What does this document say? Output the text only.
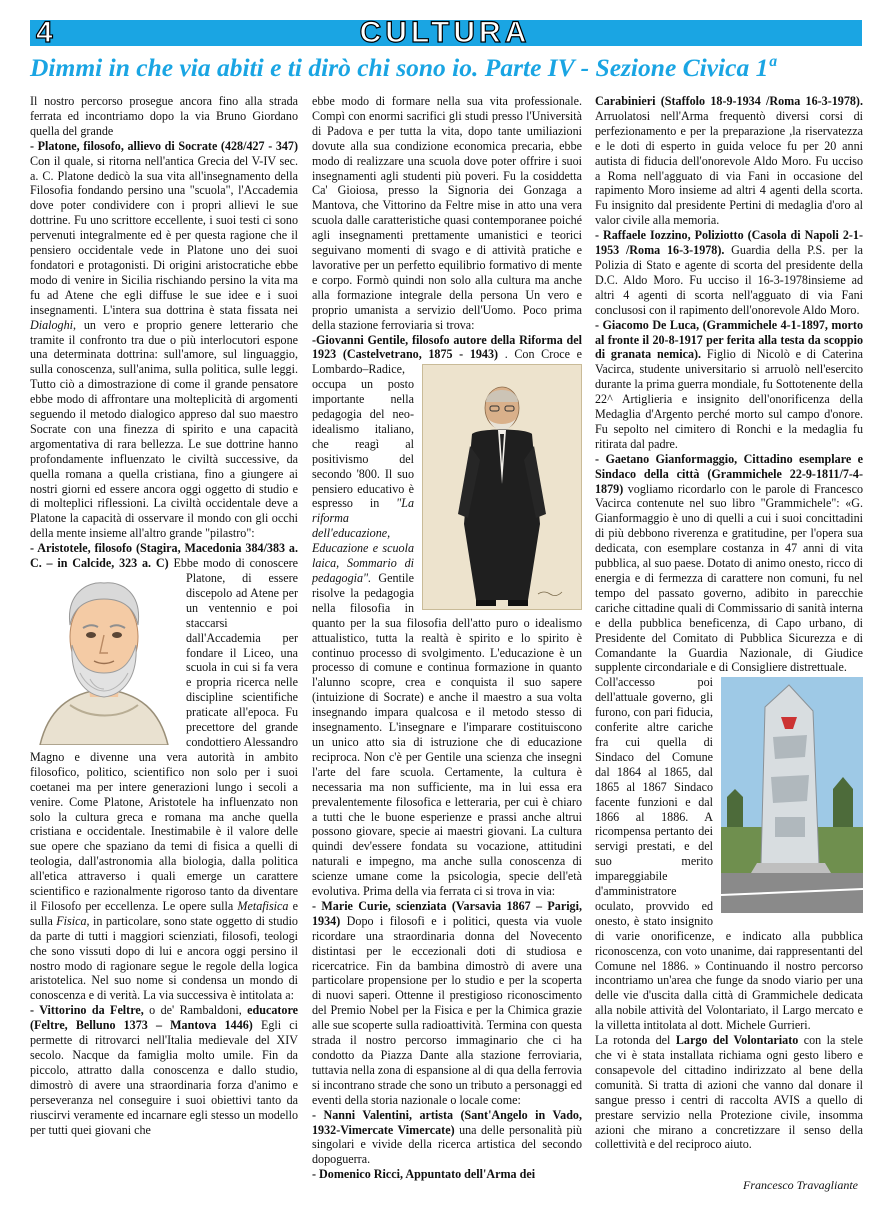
4	CULTURA
Dimmi in che via abiti e ti dirò chi sono io. Parte IV - Sezione Civica 1ª

Il nostro percorso prosegue ancora fino alla strada ferrata ed incontriamo dopo la via Bruno Giordano quella del grande

- Platone, filosofo, allievo di Socrate (428/427 - 347) Con il quale, si ritorna nell'antica Grecia del V-IV sec. a. C. Platone dedicò la sua vita all'insegnamento della Filosofia fondando persino una "scuola", l'Accademia dove poter condividere con i propri allievi le sue dottrine. Fu uno scrittore eccellente, i suoi testi ci sono pervenuti integralmente ed è per questa ragione che il pensiero occidentale vede in Platone uno dei suoi fondatori e protagonisti. Di origini aristocratiche ebbe modo di venire in Sicilia rischiando persino la vita ma fu ad Atene che egli diffuse le sue idee e i suoi insegnamenti. L'intera sua dottrina è stata fissata nei Dialoghi, un vero e proprio genere letterario che tramite il confronto tra due o più interlocutori espone una determinata dottrina: sull'amore, sul linguaggio, sulla conoscenza, sull'anima, sulla politica, sulle leggi. Tutto ciò a dimostrazione di come il grande pensatore ebbe modo di affrontare una molteplicità di argomenti seguendo il metodo dialogico appreso dal suo maestro Socrate con una finezza di spirito e una capacità argomentativa di rara bellezza. Le sue dottrine hanno profondamente influenzato le civiltà successive, da quella romana a quella cristiana, fino a giungere ai nostri giorni ed essere ancora oggi oggetto di studio e di molteplici riflessioni. La civiltà occidentale deve a Platone la capacità di osservare il mondo con gli occhi della mente insieme all'altro grande "pilastro":

- Aristotele, filosofo (Stagira, Macedonia 384/383 a. C. – in Calcide, 323 a. C)
Ebbe modo di conoscere Platone, di essere discepolo ad Atene per un ventennio e poi staccarsi dall'Accademia per fondare il Liceo, una scuola in cui si fa vera e propria ricerca nelle discipline scientifiche praticate all'epoca. Fu precettore del grande condottiero Alessandro Magno e divenne una vera autorità in ambito filosofico, politico, scientifico non solo per i suoi coetanei ma per intere generazioni lungo i secoli a venire. Come Platone, Aristotele ha influenzato non solo la cultura greca e romana ma anche quella cristiana e occidentale. Inestimabile è il valore delle sue opere che spaziano da temi di fisica a quelli di teologia, dall'astronomia alla biologia, dalla politica all'etica attraverso i quali emerge un carattere scientifico e razionalmente rigoroso tanto da diventare il Filosofo per eccellenza. Le opere sulla Metafisica e sulla Fisica, in particolare, sono state oggetto di studio da parte di tutti i maggiori scienziati, filosofi, teologi che sono vissuti dopo di lui e ancora oggi persino il nostro modo di ragionare segue le regole della logica aristotelica. Nel suo nome si condensa un mondo di conoscenza e di verità. La via successiva è intitolata a:

- Vittorino da Feltre, o de' Rambaldoni, educatore (Feltre, Belluno 1373 – Mantova 1446) Egli ci permette di ritrovarci nell'Italia medievale del XIV secolo. Nacque da famiglia molto umile. Fin da piccolo, attratto dalla conoscenza e dallo studio, dimostrò di avere una straordinaria forza d'animo e perseveranza nel conseguire i suoi obiettivi tanto da riuscirvi veramente ed incarnare egli stesso un modello per tutti quei giovani che

ebbe modo di formare nella sua vita professionale. Compì con enormi sacrifici gli studi presso l'Università di Padova e per tutta la vita, dopo tante umiliazioni dovute alla sua condizione economica precaria, ebbe modo di realizzare una scuola dove poter offrire i suoi insegnamenti agli studenti più poveri. Fu la cosiddetta Ca' Gioiosa, presso la Signoria dei Gonzaga a Mantova, che Vittorino da Feltre mise in atto una vera scuola dalle caratteristiche quasi contemporanee poiché agli insegnamenti prettamente umanistici e teorici seguivano momenti di svago e di attività pratiche e lavorative per un perfetto equilibrio formativo di mente e corpo. Formò quindi non solo alla cultura ma anche alla formazione integrale della persona Un vero e proprio umanista a servizio dell'Uomo. Poco prima della stazione ferroviaria si trova:

-Giovanni Gentile, filosofo autore della Riforma del 1923 (Castelvetrano, 1875 - 1943) . Con Croce e Lombardo–Radice, occupa un posto importante nella pedagogia del neo-idealismo italiano, che reagì al positivismo del secondo '800. Il suo pensiero educativo è espresso in "La riforma dell'educazione, Educazione e scuola laica, Sommario di pedagogia". Gentile risolve la pedagogia nella filosofia in quanto per la sua filosofia dell'atto puro o idealismo attualistico, tutta la realtà è spirito e lo spirito è continuo processo di svolgimento. L'educazione è un processo di comune e continua formazione in quanto l'alunno scopre, crea e conquista il suo sapere (intuizione di Socrate) e anche il maestro a sua volta insegnando impara qualcosa e il metodo stesso di insegnamento. L'insegnare e l'imparare costituiscono un unico atto sia di istruzione che di educazione reciproca. Non c'è per Gentile una scienza che insegni l'arte del fare scuola. Certamente, la cultura è necessaria ma non sufficiente, ma in lui essa era prevalentemente filosofica e letteraria, per cui è chiaro a tutti che le buone esperienze e prassi anche altrui possono giovare, specie ai maestri giovani. La cultura quindi dev'essere fondata su vocazione, attitudini naturali e impegno, ma anche sulla conoscenza di scienze umane come la psicologia, specie dell'età evolutiva. Prima della via ferrata ci si trova in via:

- Marie Curie, scienziata (Varsavia 1867 – Parigi, 1934) Dopo i filosofi e i politici, questa via vuole ricordare una straordinaria donna del Novecento distintasi per le eccezionali doti di studiosa e ricercatrice. Fin da bambina dimostrò di avere una particolare propensione per lo studio e per la scoperta di nuovi saperi. Ottenne il prestigioso riconoscimento del Premio Nobel per la Fisica e per la Chimica grazie alle sue scoperte sulla radioattività. Termina con questa strada il nostro percorso immaginario che ci ha condotto da Piazza Dante alla stazione ferroviaria, tuttavia nella zona di espansione al di qua della ferrovia si incontrano strade che sono un tributo a personaggi ed eventi della storia nazionale o locale come:

- Nanni Valentini, artista (Sant'Angelo in Vado, 1932-Vimercate Vimercate) una delle personalità più singolari e vivide della ricerca artistica del secondo dopoguerra.

- Domenico Ricci, Appuntato dell'Arma dei

Carabinieri (Staffolo 18-9-1934 /Roma 16-3-1978). Arruolatosi nell'Arma frequentò diversi corsi di perfezionamento e per la preparazione ,la riservatezza e le doti di esperto in guida veloce fu per 20 anni autista di fiducia dell'onorevole Aldo Moro. Fu ucciso a Roma nell'agguato di via Fani in occasione del rapimento Moro insieme ad altri 4 agenti della scorta. Fu insignito dal presidente Pertini di medaglia d'oro al valor civile alla memoria.

- Raffaele Iozzino, Poliziotto (Casola di Napoli 2-1-1953 /Roma 16-3-1978). Guardia della P.S. per la Polizia di Stato e agente di scorta del presidente della D.C. Aldo Moro. Fu ucciso il 16-3-1978insieme ad altri 4 agenti di scorta nell'agguato di via Fani conclusosi con il rapimento dell'onorevole Aldo Moro.

- Giacomo De Luca, (Grammichele 4-1-1897, morto al fronte il 20-8-1917 per ferita alla testa da scoppio di granata nemica). Figlio di Nicolò e di Caterina Vacirca, studente universitario si arruolò nell'esercito durante la prima guerra mondiale, fu Sottotenente della 22^ Artiglieria e insignito dell'onorificenza della Medaglia d'Argento perché morto sul campo d'onore. Fu sepolto nel cimitero di Ronchi e la medaglia fu ritirata dal padre.

- Gaetano Gianformaggio, Cittadino esemplare e Sindaco della città (Grammichele 22-9-1811/7-4-1879) vogliamo ricordarlo con le parole di Francesco Vacirca contenute nel suo libro "Grammichele": «G. Gianformaggio è uno di quelli a cui i suoi concittadini di più debbono riverenza e gratitudine, per l'opera sua dedicata, con esemplare costanza in 47 anni di vita pubblica, al suo paese. Dotato di animo onesto, ricco di energia e di fermezza di carattere non comuni, fu nel tempo del passato governo, adibito in parecchie cariche cittadine quali di Commissario di sanità interna e della pubblica beneficenza, di Capo urbano, di Presidente del Comitato di Pubblica Sicurezza e di Comandante la Guardia Nazionale, di Giudice supplente circondariale e di Consigliere distrettuale.

Coll'accesso poi dell'attuale governo, gli furono, con pari fiducia, conferite altre cariche fra cui quella di Sindaco del Comune dal 1864 al 1865, dal 1865 al 1867 Sindaco facente funzioni e dal 1866 al 1886. A ricompensa pertanto dei servigi prestati, e del suo merito impareggiabile d'amministratore oculato, provvido ed onesto, è stato insignito di varie onorificenze, e indicato alla pubblica riconoscenza, con voto unanime, dai rappresentanti del Comune nel 1886. » Continuando il nostro percorso incontriamo un'area che funge da snodo viario per una delle vie d'uscita dalla città di Grammichele dedicata alla nobile attività del Volontariato, il Largo mercato e la villetta intitolata al dott. Michele Gurrieri.

La rotonda del Largo del Volontariato con la stele che vi è stata installata richiama ogni gesto libero e consapevole del cittadino indirizzato al bene della comunità. Si tratta di azioni che vanno dal donare il sangue presso i centri di raccolta AVIS a quello di prestare servizio nella Protezione civile, insomma azioni che mirano a concretizzare il senso della collettività e del reciproco aiuto.

Francesco Travagliante
